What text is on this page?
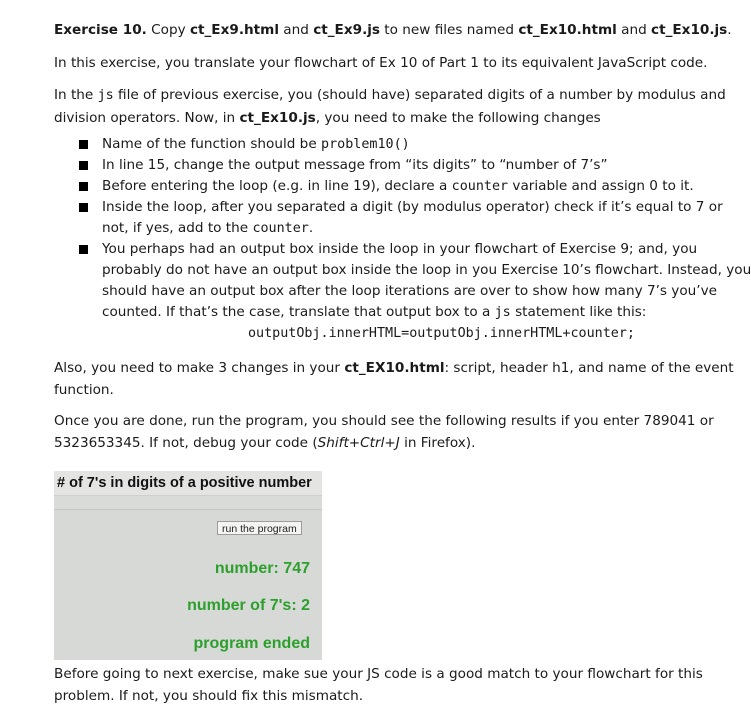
Exercise 10. Copy ct_Ex9.html and ct_Ex9.js to new files named ct_Ex10.html and ct_Ex10.js.
In this exercise, you translate your flowchart of Ex 10 of Part 1 to its equivalent JavaScript code.
In the js file of previous exercise, you (should have) separated digits of a number by modulus and
division operators. Now, in ct_Ex10.js, you need to make the following changes
Name of the function should be problem10()
In line 15, change the output message from “its digits” to “number of 7’s”
Before entering the loop (e.g. in line 19), declare a counter variable and assign 0 to it.
Inside the loop, after you separated a digit (by modulus operator) check if it’s equal to 7 or
not, if yes, add to the counter.
You perhaps had an output box inside the loop in your flowchart of Exercise 9; and, you
probably do not have an output box inside the loop in you Exercise 10’s flowchart. Instead, you
should have an output box after the loop iterations are over to show how many 7’s you’ve
counted. If that’s the case, translate that output box to a js statement like this:
outputObj.innerHTML=outputObj.innerHTML+counter;
Also, you need to make 3 changes in your ct_EX10.html: script, header h1, and name of the event
function.
Once you are done, run the program, you should see the following results if you enter 789041 or
5323653345. If not, debug your code (Shift+Ctrl+J in Firefox).
# of 7's in digits of a positive number
run the program
number: 747
number of 7's: 2
program ended
Before going to next exercise, make sue your JS code is a good match to your flowchart for this
problem. If not, you should fix this mismatch.
